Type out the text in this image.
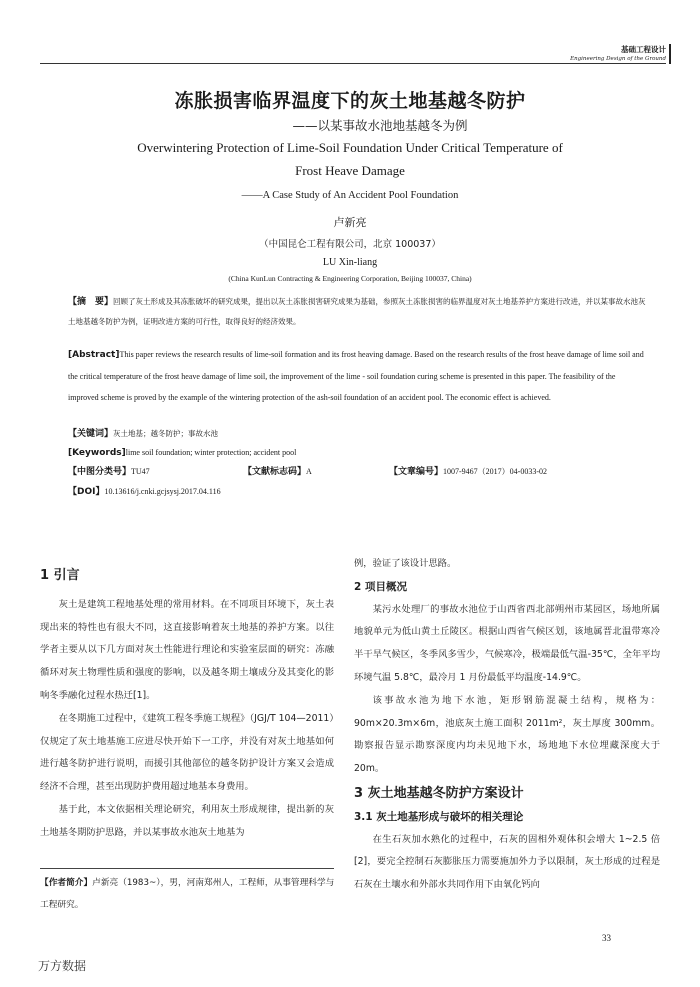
基础工程设计
Engineering Design of the Ground
冻胀损害临界温度下的灰土地基越冬防护
——以某事故水池地基越冬为例
Overwintering Protection of Lime-Soil Foundation Under Critical Temperature of
Frost Heave Damage
——A Case Study of An Accident Pool Foundation
卢新亮
（中国昆仑工程有限公司，北京 100037）
LU Xin-liang
(China KunLun Contracting & Engineering Corporation, Beijing 100037, China)
【摘　要】回顾了灰土形成及其冻胀破坏的研究成果，提出以灰土冻胀损害研究成果为基础，参照灰土冻胀损害的临界温度对灰土地基养护方案进行改进，并以某事故水池灰土地基越冬防护为例，证明改进方案的可行性，取得良好的经济效果。
[Abstract]This paper reviews the research results of lime-soil formation and its frost heaving damage. Based on the research results of the frost heave damage of lime soil and the critical temperature of the frost heave damage of lime soil, the improvement of the lime - soil foundation curing scheme is presented in this paper. The feasibility of the improved scheme is proved by the example of the wintering protection of the ash-soil foundation of an accident pool. The economic effect is achieved.
【关键词】灰土地基；越冬防护；事故水池
[Keywords]lime soil foundation; winter protection; accident pool
【中图分类号】TU47	【文献标志码】A	【文章编号】1007-9467（2017）04-0033-02
【DOI】10.13616/j.cnki.gcjsysj.2017.04.116
1 引言

灰土是建筑工程地基处理的常用材料。在不同项目环境下，灰土表现出来的特性也有很大不同，这直接影响着灰土地基的养护方案。以往学者主要从以下几方面对灰土性能进行理论和实验室层面的研究：冻融循环对灰土物理性质和强度的影响，以及越冬期土壤成分及其变化的影响冬季融化过程水热迁[1]。

在冬期施工过程中，《建筑工程冬季施工规程》（JGJ/T 104—2011）仅规定了灰土地基施工应进尽快开始下一工序，并没有对灰土地基如何进行越冬防护进行说明，而援引其他部位的越冬防护设计方案又会造成经济不合理，甚至出现防护费用超过地基本身费用。

基于此，本文依据相关理论研究，利用灰土形成规律，提出新的灰土地基冬期防护思路，并以某事故水池灰土地基为

例，验证了该设计思路。

2 项目概况

某污水处理厂的事故水池位于山西省西北部朔州市某园区，场地所属地貌单元为低山黄土丘陵区。根据山西省气候区划，该地属晋北温带寒冷半干旱气候区，冬季风多雪少，气候寒冷，极端最低气温-35℃，全年平均环境气温 5.8℃，最冷月 1 月份最低平均温度-14.9℃。

该事故水池为地下水池，矩形钢筋混凝土结构，规格为：90m×20.3m×6m，池底灰土施工面积 2011m²，灰土厚度 300mm。勘察报告显示勘察深度内均未见地下水，场地地下水位埋藏深度大于 20m。

3 灰土地基越冬防护方案设计
3.1 灰土地基形成与破坏的相关理论

在生石灰加水熟化的过程中，石灰的固相外观体积会增大 1~2.5 倍[2]，要完全控制石灰膨胀压力需要施加外力予以限制，灰土形成的过程是石灰在土壤水和外部水共同作用下由氧化钙向

【作者简介】卢新亮（1983~），男，河南郑州人，工程师，从事管理科学与工程研究。
33
万方数据
